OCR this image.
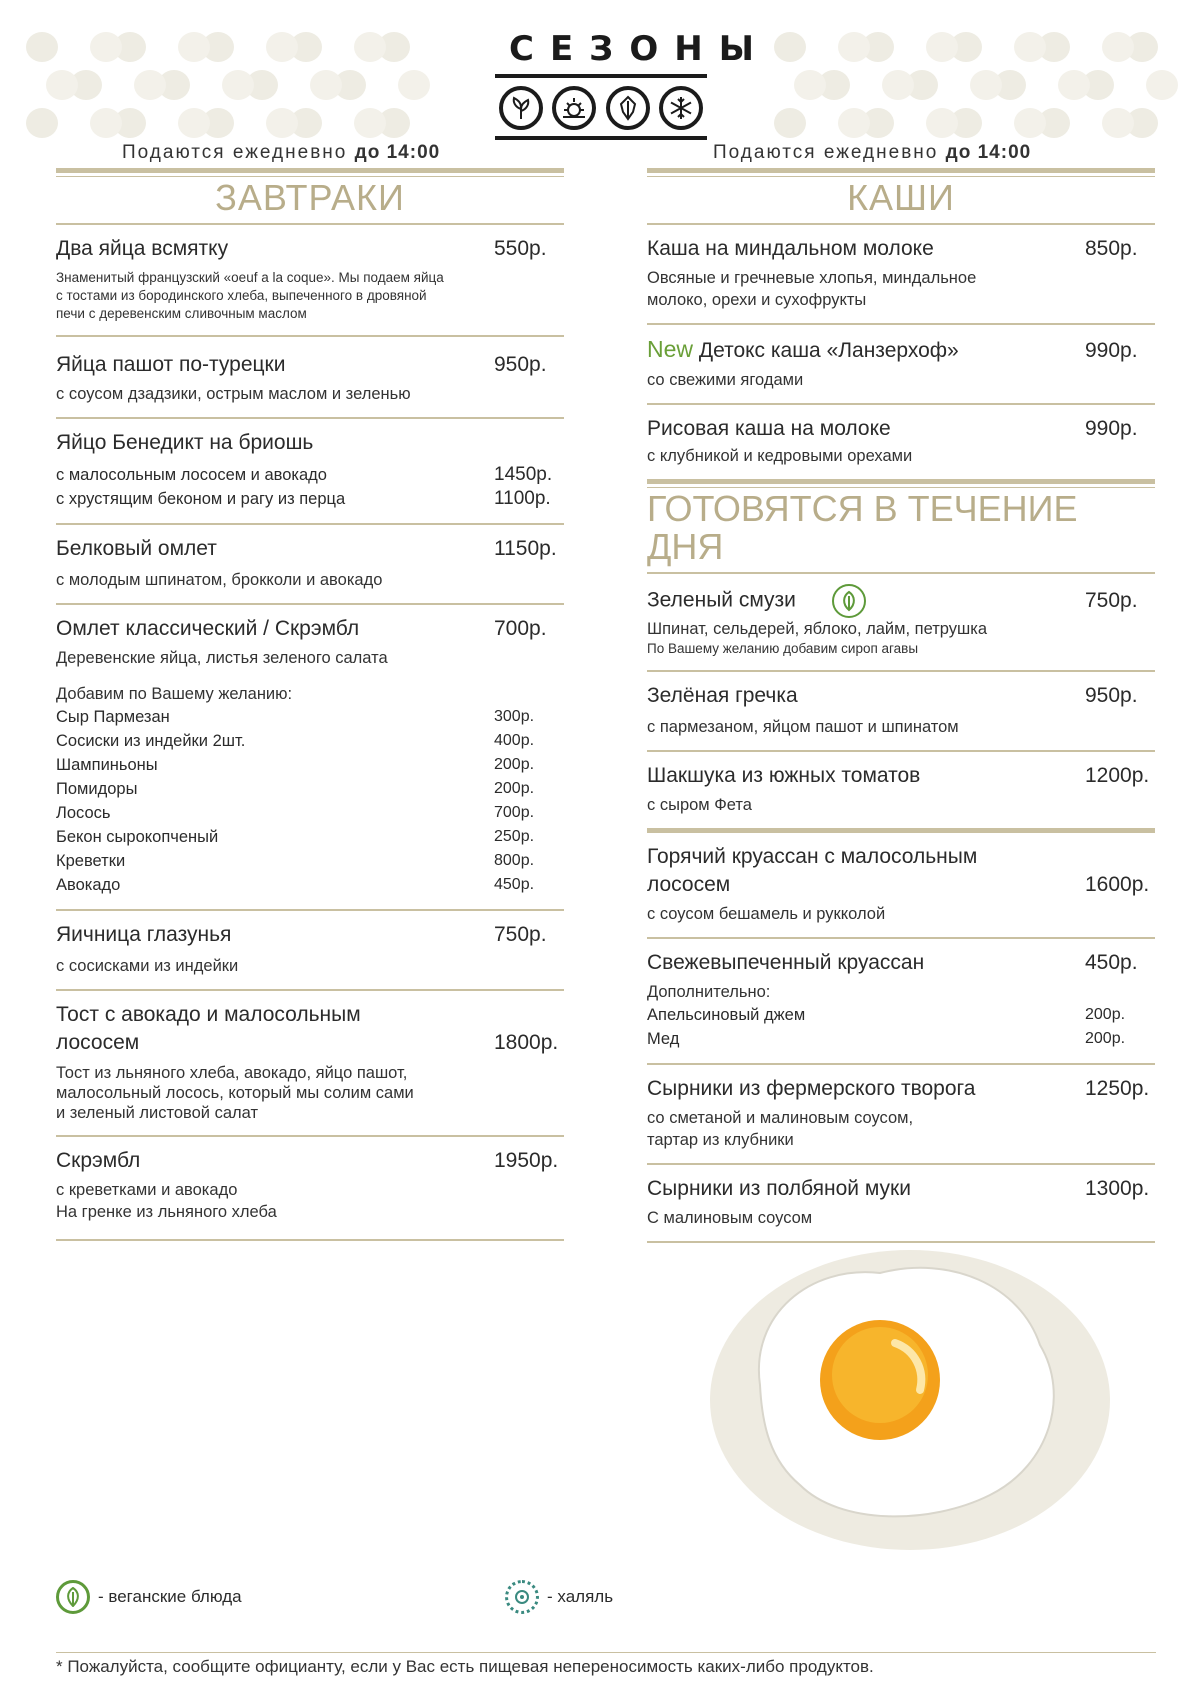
СЕЗОНЫ
Подаются ежедневно до 14:00	Подаются ежедневно до 14:00
ЗАВТРАКИ
Два яйца всмятку	550р.
Знаменитый французский «oeuf a la coque». Мы подаем яйца с тостами из бородинского хлеба, выпеченного в дровяной печи с деревенским сливочным маслом
Яйца пашот по-турецки	950р.
с соусом дзадзики, острым маслом и зеленью
Яйцо Бенедикт на бриошь
с малосольным лососем и авокадо	1450р.
с хрустящим беконом и рагу из перца	1100р.
Белковый омлет	1150р.
с молодым шпинатом, брокколи и авокадо
Омлет классический / Скрэмбл	700р.
Деревенские яйца, листья зеленого салата
Добавим по Вашему желанию:
Сыр Пармезан	300р.
Сосиски из индейки 2шт.	400р.
Шампиньоны	200р.
Помидоры	200р.
Лосось	700р.
Бекон сырокопченый	250р.
Креветки	800р.
Авокадо	450р.
Яичница глазунья	750р.
с сосисками из индейки
Тост с авокадо и малосольным
лососем	1800р.
Тост из льняного хлеба, авокадо, яйцо пашот,
малосольный лосось, который мы солим сами
и зеленый листовой салат
Скрэмбл	1950р.
с креветками и авокадо
На гренке из льняного хлеба
КАШИ
Каша на миндальном молоке	850р.
Овсяные и гречневые хлопья, миндальное
молоко, орехи и сухофрукты
New Детокс каша «Ланзерхоф»	990р.
со свежими ягодами
Рисовая каша на молоке	990р.
с клубникой и кедровыми орехами
ГОТОВЯТСЯ В ТЕЧЕНИЕ ДНЯ
Зеленый смузи	750р.
Шпинат, сельдерей, яблоко, лайм, петрушка
По Вашему желанию добавим сироп агавы
Зелёная гречка	950р.
с пармезаном, яйцом пашот и шпинатом
Шакшука из южных томатов	1200р.
с сыром Фета
Горячий круассан с малосольным
лососем	1600р.
с соусом бешамель и рукколой
Свежевыпеченный круассан	450р.
Дополнительно:
Апельсиновый джем	200р.
Мед	200р.
Сырники из фермерского творога	1250р.
со сметаной и малиновым соусом,
тартар из клубники
Сырники из полбяной муки	1300р.
С малиновым соусом
- веганские блюда	- халяль
* Пожалуйста, сообщите официанту, если у Вас есть пищевая непереносимость каких-либо продуктов.
